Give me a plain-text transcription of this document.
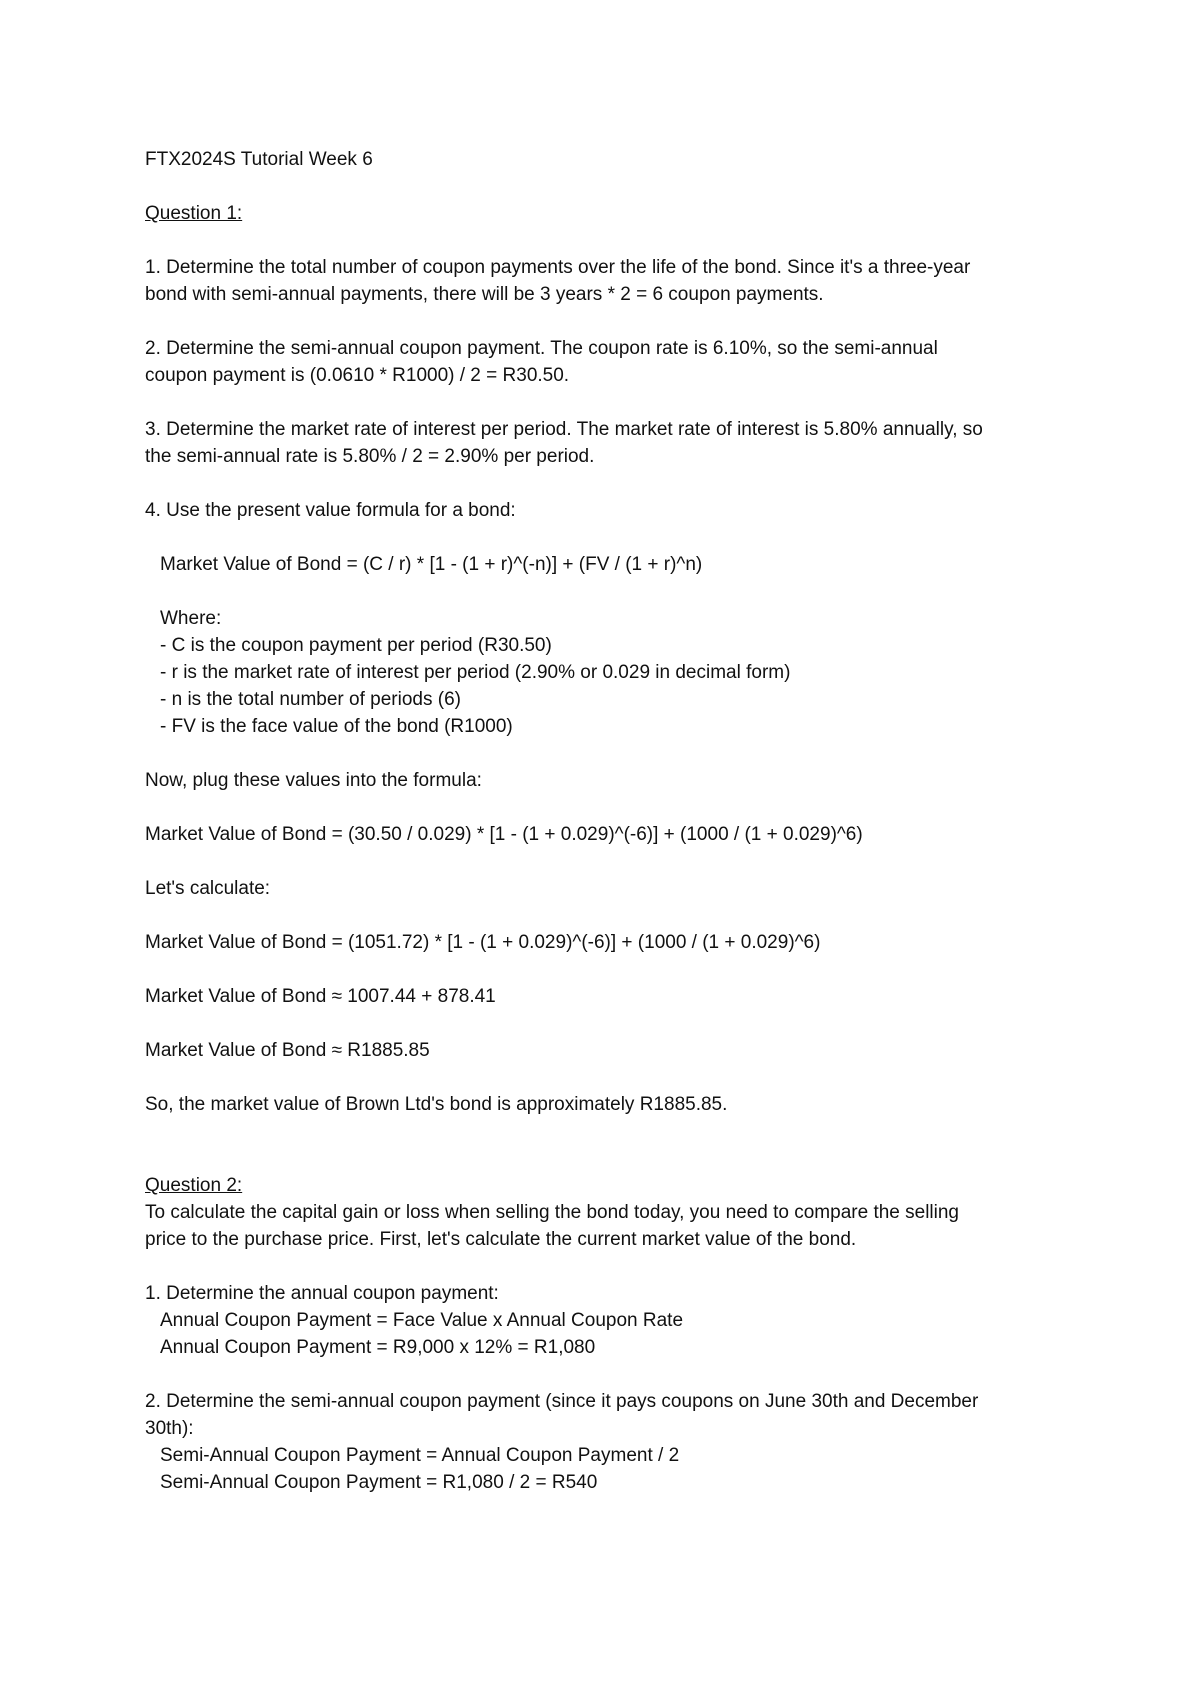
FTX2024S Tutorial Week 6

Question 1:

1. Determine the total number of coupon payments over the life of the bond. Since it's a three-year

bond with semi-annual payments, there will be 3 years * 2 = 6 coupon payments.

2. Determine the semi-annual coupon payment. The coupon rate is 6.10%, so the semi-annual

coupon payment is (0.0610 * R1000) / 2 = R30.50.

3. Determine the market rate of interest per period. The market rate of interest is 5.80% annually, so

the semi-annual rate is 5.80% / 2 = 2.90% per period.

4. Use the present value formula for a bond:

Market Value of Bond = (C / r) * [1 - (1 + r)^(-n)] + (FV / (1 + r)^n)

Where:

- C is the coupon payment per period (R30.50)

- r is the market rate of interest per period (2.90% or 0.029 in decimal form)

- n is the total number of periods (6)

- FV is the face value of the bond (R1000)

Now, plug these values into the formula:

Market Value of Bond = (30.50 / 0.029) * [1 - (1 + 0.029)^(-6)] + (1000 / (1 + 0.029)^6)

Let's calculate:

Market Value of Bond = (1051.72) * [1 - (1 + 0.029)^(-6)] + (1000 / (1 + 0.029)^6)

Market Value of Bond ≈ 1007.44 + 878.41

Market Value of Bond ≈ R1885.85

So, the market value of Brown Ltd's bond is approximately R1885.85.

Question 2:

To calculate the capital gain or loss when selling the bond today, you need to compare the selling

price to the purchase price. First, let's calculate the current market value of the bond.

1. Determine the annual coupon payment:

Annual Coupon Payment = Face Value x Annual Coupon Rate

Annual Coupon Payment = R9,000 x 12% = R1,080

2. Determine the semi-annual coupon payment (since it pays coupons on June 30th and December

30th):

Semi-Annual Coupon Payment = Annual Coupon Payment / 2

Semi-Annual Coupon Payment = R1,080 / 2 = R540
